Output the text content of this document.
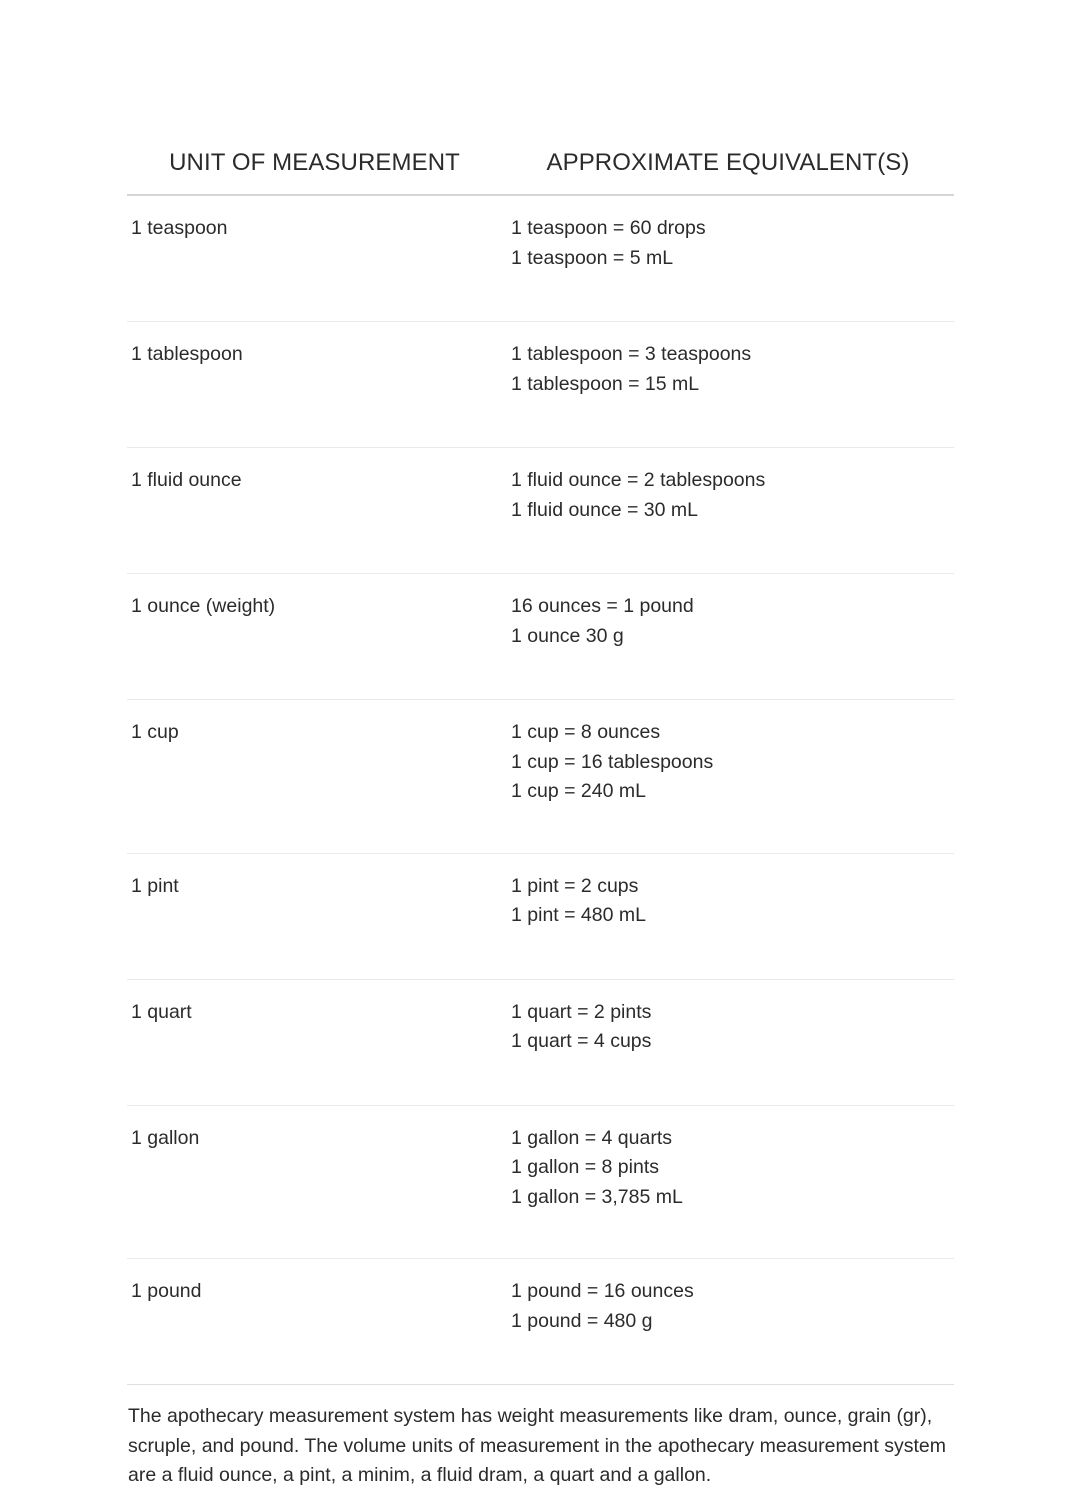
UNIT OF MEASUREMENT	APPROXIMATE EQUIVALENT(S)
1 teaspoon	1 teaspoon = 60 drops
1 teaspoon = 5 mL
1 tablespoon	1 tablespoon = 3 teaspoons
1 tablespoon = 15 mL
1 fluid ounce	1 fluid ounce = 2 tablespoons
1 fluid ounce = 30 mL
1 ounce (weight)	16 ounces = 1 pound
1 ounce 30 g
1 cup	1 cup = 8 ounces
1 cup = 16 tablespoons
1 cup = 240 mL
1 pint	1 pint = 2 cups
1 pint = 480 mL
1 quart	1 quart = 2 pints
1 quart = 4 cups
1 gallon	1 gallon = 4 quarts
1 gallon = 8 pints
1 gallon = 3,785 mL
1 pound	1 pound = 16 ounces
1 pound = 480 g

The apothecary measurement system has weight measurements like dram, ounce, grain (gr), scruple, and pound. The volume units of measurement in the apothecary measurement system are a fluid ounce, a pint, a minim, a fluid dram, a quart and a gallon.
